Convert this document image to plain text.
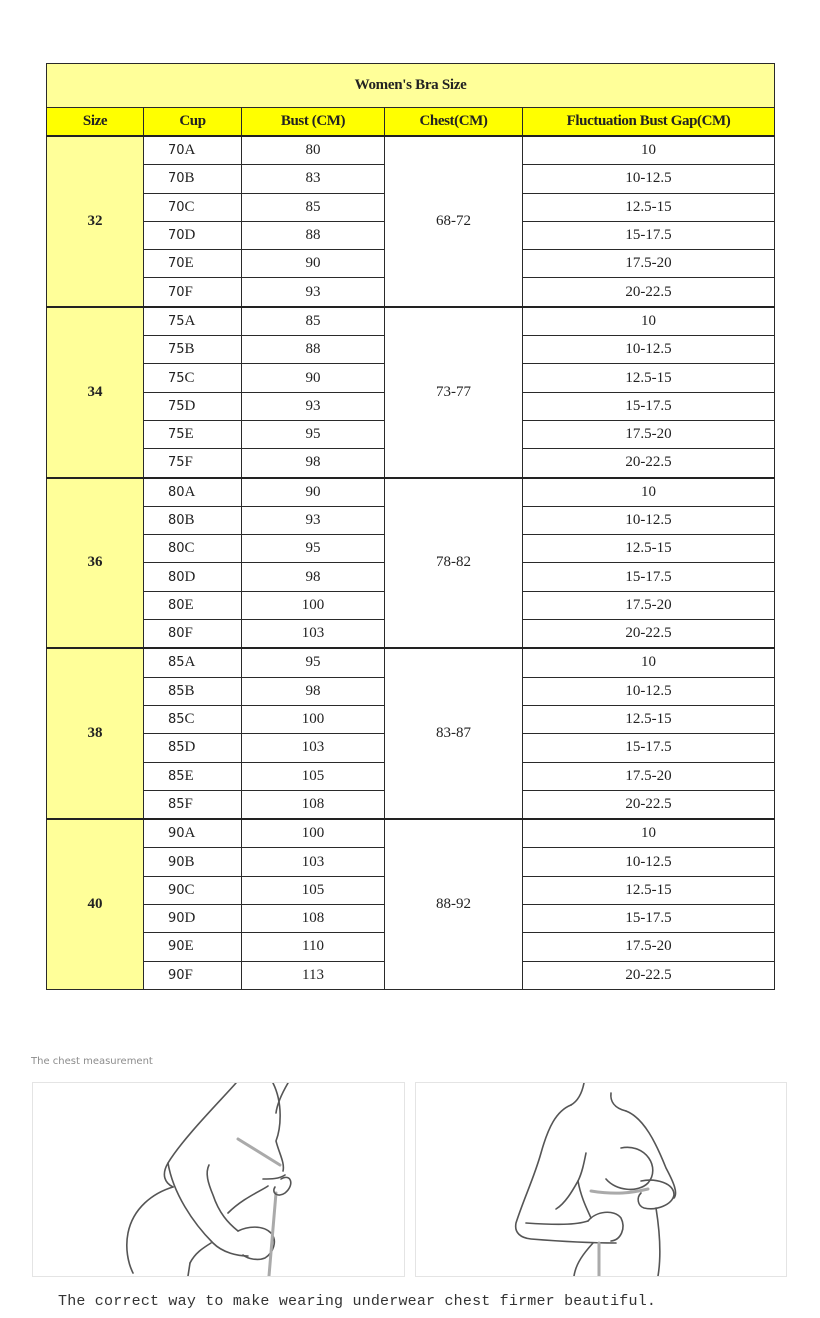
Women's Bra Size				
Size	Cup	Bust (CM)	Chest(CM)	Fluctuation Bust Gap(CM)
32	70A	80	68-72	10
	70B	83		10-12.5
	70C	85		12.5-15
	70D	88		15-17.5
	70E	90		17.5-20
	70F	93		20-22.5
34	75A	85	73-77	10
	75B	88		10-12.5
	75C	90		12.5-15
	75D	93		15-17.5
	75E	95		17.5-20
	75F	98		20-22.5
36	80A	90	78-82	10
	80B	93		10-12.5
	80C	95		12.5-15
	80D	98		15-17.5
	80E	100		17.5-20
	80F	103		20-22.5
38	85A	95	83-87	10
	85B	98		10-12.5
	85C	100		12.5-15
	85D	103		15-17.5
	85E	105		17.5-20
	85F	108		20-22.5
40	90A	100	88-92	10
	90B	103		10-12.5
	90C	105		12.5-15
	90D	108		15-17.5
	90E	110		17.5-20
	90F	113		20-22.5
The chest measurement
The correct way to make wearing underwear chest firmer beautiful.
